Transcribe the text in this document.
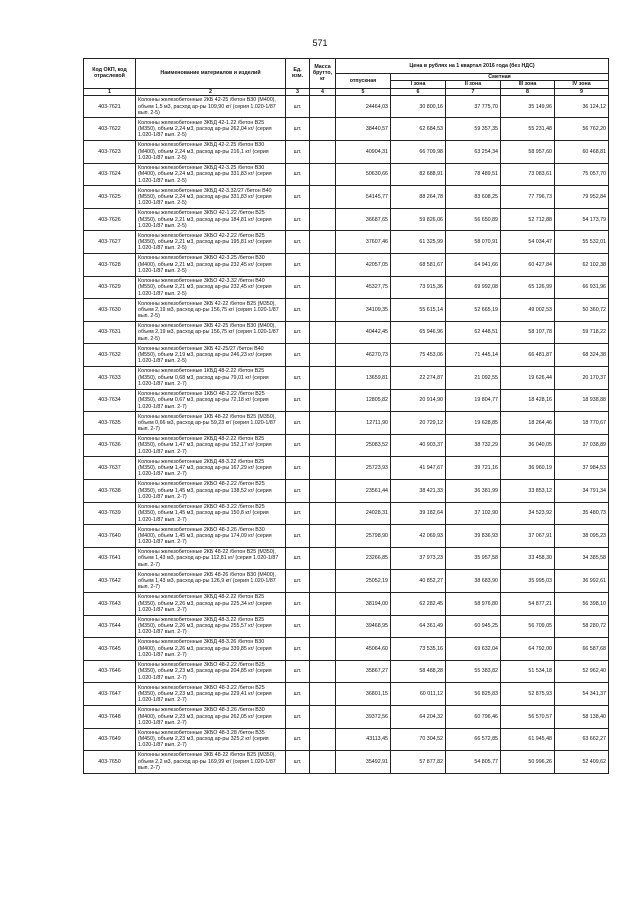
571
Код ОКП, код отраслевой	Наименование материалов и изделий	Ед. изм.	Масса брутто, кг	Цена в рублях на 1 квартал 2016 года (без НДС)				
				отпускная	Сметная			
					I зона	II зона	III зона	IV зона
1	2	3	4	5	6	7	8	9
403-7621	Колонны железобетонные 2КБ 42-25 /бетон В30 (М400), объем 1,5 м3, расход ар-ры 109,90 кг/ (серия 1.020-1/87 вып. 2-5)	шт.		24464,03	30 800,16	37 775,70	35 149,96	36 124,12
403-7622	Колонны железобетонные 3КБД 42-1.22 /бетон В25 (М350), объем 2,24 м3, расход ар-ры 262,04 кг/ (серия 1.020-1/87 вып. 2-5)	шт.		38440,57	62 684,53	59 357,35	55 231,48	56 762,20
403-7623	Колонны железобетонные 3КБД 42-2.25 /бетон В30 (М400), объем 2,24 м3, расход ар-ры 216,1 кг/ (серия 1.020-1/87 вып. 2-5)	шт.		40904,31	66 709,98	63 254,34	58 957,60	60 468,81
403-7624	Колонны железобетонные 3КБД 42-3.25 /бетон В30 (М400), объем 2,24 м3, расход ар-ры 331,83 кг/ (серия 1.020-1/87 вып. 2-5)	шт.		50630,66	82 688,91	78 489,51	73 083,61	75 057,70
403-7625	Колонны железобетонные 3КБД 42-3.32/27 /бетон В40 (М550), объем 2,24 м3, расход ар-ры 331,83 кг/ (серия 1.020-1/87 вып. 2-5)	шт.		54145,77	88 264,78	83 608,25	77 796,73	79 952,84
403-7626	Колонны железобетонные 3КБО 42-1.22 /бетон В25 (М350), объем 2,21 м3, расход ар-ры 184,81 кг/ (серия 1.020-1/87 вып. 2-5)	шт.		36687,65	59 826,06	56 650,89	52 712,88	54 173,79
403-7627	Колонны железобетонные 3КБО 42-2.22 /бетон В25 (М350), объем 2,21 м3, расход ар-ры 195,81 кг/ (серия 1.020-1/87 вып. 2-5)	шт.		37607,46	61 325,99	58 070,91	54 034,47	55 532,01
403-7628	Колонны железобетонные 3КБО 42-3.25 /бетон В30 (М400), объем 2,21 м3, расход ар-ры 232,45 кг/ (серия 1.020-1/87 вып. 2-5)	шт.		42057,05	68 581,67	64 941,66	60 427,84	62 102,38
403-7629	Колонны железобетонные 3КБО 42-3.32 /бетон В40 (М550), объем 2,21 м3, расход ар-ры 232,45 кг/ (серия 1.020-1/87 вып. 2-5)	шт.		45327,75	73 915,36	69 992,08	65 126,99	66 931,96
403-7630	Колонны железобетонные 3КБ 42-22 /бетон В25 (М350), объем 2,19 м3, расход ар-ры 156,75 кг/ (серия 1.020-1/87 вып. 2-5)	шт.		34109,35	55 615,14	52 665,19	49 002,53	50 360,72
403-7631	Колонны железобетонные 3КБ 42-25 /бетон В30 (М400), объем 2,19 м3, расход ар-ры 156,75 кг/ (серия 1.020-1/87 вып. 2-5)	шт.		40442,45	65 946,96	62 448,51	58 107,78	59 718,22
403-7632	Колонны железобетонные 3КБ 42-25/27 /бетон В40 (М550), объем 2,19 м3, расход ар-ры 246,23 кг/ (серия 1.020-1/87 вып. 2-5)	шт.		46270,73	75 453,06	71 445,14	66 481,87	68 324,38
403-7633	Колонны железобетонные 1КБД 48-2.22 /бетон В25 (М350), объем 0,68 м3, расход ар-ры 79,01 кг/ (серия 1.020-1/87 вып. 2-7)	шт.		13659,81	22 274,87	21 092,55	19 626,44	20 170,37
403-7634	Колонны железобетонные 1КБО 48-2.22 /бетон В25 (М350), объем 0,67 м3, расход ар-ры 72,18 кг/ (серия 1.020-1/87 вып. 2-7)	шт.		12805,82	20 914,90	19 804,77	18 428,16	18 938,88
403-7635	Колонны железобетонные 1КБ 48-22 /бетон В25 (М350), объем 0,66 м3, расход ар-ры 59,23 кг/ (серия 1.020-1/87 вып. 2-7)	шт.		12711,90	20 729,12	19 628,85	18 264,46	18 770,67
403-7636	Колонны железобетонные 2КБД 48-2.22 /бетон В25 (М350), объем 1,47 м3, расход ар-ры 152,17 кг/ (серия 1.020-1/87 вып. 2-7)	шт.		25083,52	40 903,37	38 732,29	36 040,05	37 038,89
403-7637	Колонны железобетонные 2КБД 48-3.22 /бетон В25 (М350), объем 1,47 м3, расход ар-ры 167,29 кг/ (серия 1.020-1/87 вып. 2-7)	шт.		25723,93	41 947,67	39 721,16	36 960,19	37 984,53
403-7638	Колонны железобетонные 2КБО 48-2.22 /бетон В25 (М350), объем 1,45 м3, расход ар-ры 138,52 кг/ (серия 1.020-1/87 вып. 2-7)	шт.		23561,44	38 421,33	36 381,99	33 853,12	34 791,34
403-7639	Колонны железобетонные 2КБО 48-3.22 /бетон В25 (М350), объем 1,45 м3, расход ар-ры 150,8 кг/ (серия 1.020-1/87 вып. 2-7)	шт.		24028,31	39 182,64	37 102,90	34 523,92	35 480,73
403-7640	Колонны железобетонные 2КБО 48-3.26 /бетон В30 (М400), объем 1,45 м3, расход ар-ры 174,09 кг/ (серия 1.020-1/87 вып. 2-7)	шт.		25798,90	42 069,93	39 836,93	37 067,91	38 095,23
403-7641	Колонны железобетонные 2КБ 48-22 /бетон В25 (М350), объем 1,43 м3, расход ар-ры 112,81 кг/ (серия 1.020-1/87 вып. 2-7)	шт.		23266,85	37 973,23	35 957,58	33 458,30	34 385,58
403-7642	Колонны железобетонные 2КБ 48-26 /бетон В30 (М400), объем 1,43 м3, расход ар-ры 126,9 кг/ (серия 1.020-1/87 вып. 2-7)	шт.		25052,19	40 852,27	38 683,90	35 995,03	36 992,61
403-7643	Колонны железобетонные 3КБД 48-2.22 /бетон В25 (М350), объем 2,26 м3, расход ар-ры 225,34 кг/ (серия 1.020-1/87 вып. 2-7)	шт.		38194,00	62 282,45	58 976,80	54 877,21	56 398,10
403-7644	Колонны железобетонные 3КБД 48-3.22 /бетон В25 (М350), объем 2,26 м3, расход ар-ры 255,57 кг/ (серия 1.020-1/87 вып. 2-7)	шт.		39468,95	64 361,49	60 945,25	56 709,05	58 280,72
403-7645	Колонны железобетонные 3КБД 48-3.26 /бетон В30 (М400), объем 2,26 м3, расход ар-ры 339,85 кг/ (серия 1.020-1/87 вып. 2-7)	шт.		45064,60	73 535,16	69 632,04	64 792,00	66 587,68
403-7646	Колонны железобетонные 3КБО 48-2.22 /бетон В25 (М350), объем 2,23 м3, расход ар-ры 204,85 кг/ (серия 1.020-1/87 вып. 2-7)	шт.		35867,27	58 488,28	55 383,82	51 534,18	52 962,40
403-7647	Колонны железобетонные 3КБО 48-3.22 /бетон В25 (М350), объем 2,23 м3, расход ар-ры 229,41 кг/ (серия 1.020-1/87 вып. 2-7)	шт.		36801,15	60 011,12	56 825,83	52 875,93	54 341,37
403-7648	Колонны железобетонные 3КБО 48-3.26 /бетон В30 (М400), объем 2,23 м3, расход ар-ры 262,05 кг/ (серия 1.020-1/87 вып. 2-7)	шт.		39372,56	64 204,32	60 796,46	56 570,57	58 138,40
403-7649	Колонны железобетонные 3КБО 48-3.28 /бетон В35 (М450), объем 2,23 м3, расход ар-ры 325,2 кг/ (серия 1.020-1/87 вып. 2-7)	шт.		43113,45	70 304,52	66 572,85	61 945,48	63 662,27
403-7650	Колонны железобетонные 3КБ 48-22 /бетон В25 (М350), объем 2,2 м3, расход ар-ры 169,99 кг/ (серия 1.020-1/87 вып. 2-7)	шт.		35492,91	57 877,82	54 805,77	50 996,26	52 409,62
